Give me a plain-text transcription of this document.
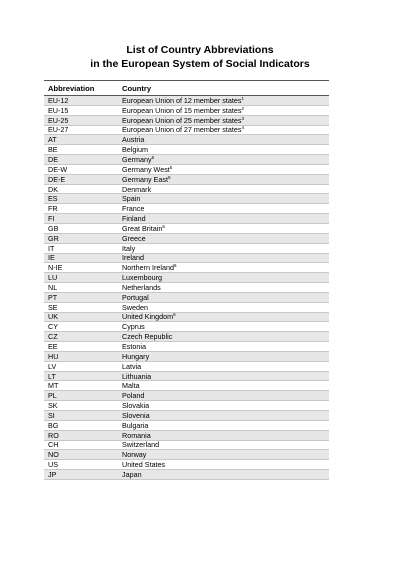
List of Country Abbreviations
in the European System of Social Indicators
Abbreviation	Country
EU-12	European Union of 12 member states$^1$
EU-15	European Union of 15 member states$^2$
EU-25	European Union of 25 member states$^3$
EU-27	European Union of 27 member states$^4$
AT	Austria
BE	Belgium
DE	Germany$^5$
DE-W	Germany West$^5$
DE-E	Germany East$^5$
DK	Denmark
ES	Spain
FR	France
FI	Finland
GB	Great Britain$^6$
GR	Greece
IT	Italy
IE	Ireland
N-IE	Northern Ireland$^6$
LU	Luxembourg
NL	Netherlands
PT	Portugal
SE	Sweden
UK	United Kingdom$^6$
CY	Cyprus
CZ	Czech Republic
EE	Estonia
HU	Hungary
LV	Latvia
LT	Lithuania
MT	Malta
PL	Poland
SK	Slovakia
SI	Slovenia
BG	Bulgaria
RO	Romania
CH	Switzerland
NO	Norway
US	United States
JP	Japan
